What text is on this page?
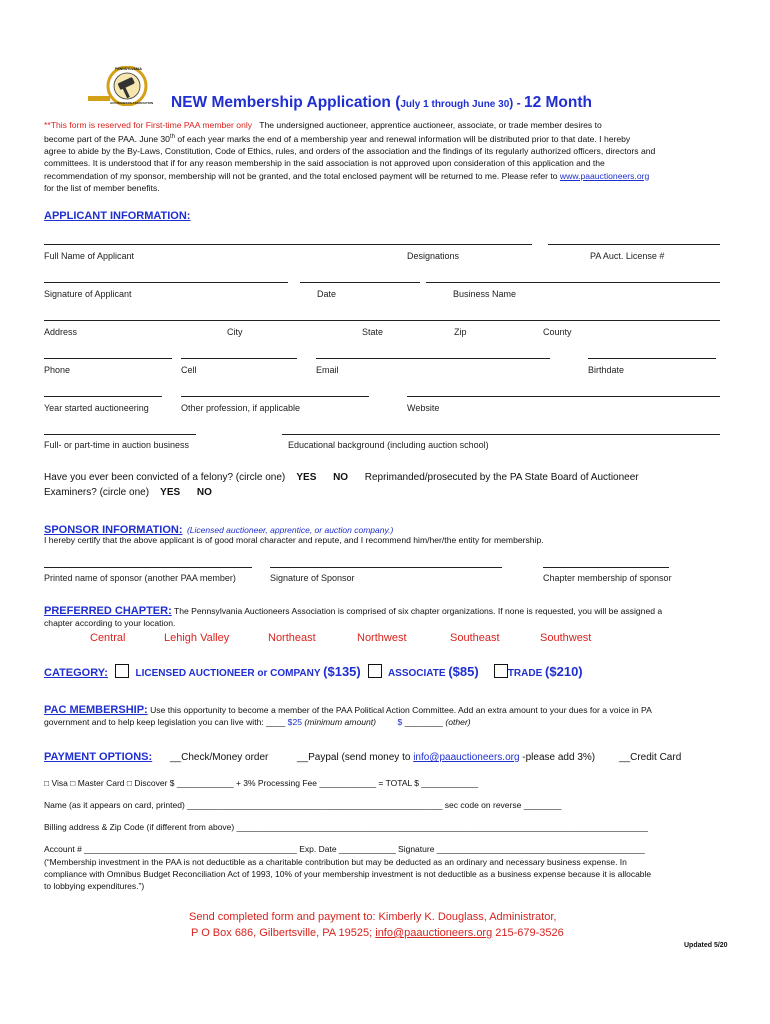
PENNSYLVANIA
AUCTIONEERS ASSOCIATION NEW Membership Application (July 1 through June 30) - 12 Month
**This form is reserved for First-time PAA member only The undersigned auctioneer, apprentice auctioneer, associate, or trade member desires to
become part of the PAA. June 30th of each year marks the end of a membership year and renewal information will be distributed prior to that date. I hereby
agree to abide by the By-Laws, Constitution, Code of Ethics, rules, and orders of the association and the findings of its regularly authorized officers, directors and
committees. It is understood that if for any reason membership in the said association is not approved upon consideration of this application and the
recommendation of my sponsor, membership will not be granted, and the total enclosed payment will be returned to me. Please refer to www.paauctioneers.org
for the list of member benefits.
APPLICANT INFORMATION:
Full Name of Applicant	Designations	PA Auct. License #
Signature of Applicant	Date	Business Name
Address	City	State	Zip	County
Phone	Cell	Email	Birthdate
Year started auctioneering	Other profession, if applicable	Website
Full- or part-time in auction business	Educational background (including auction school)
Have you ever been convicted of a felony? (circle one) YES NO Reprimanded/prosecuted by the PA State Board of Auctioneer
Examiners? (circle one) YES NO
SPONSOR INFORMATION: (Licensed auctioneer, apprentice, or auction company.)
I hereby certify that the above applicant is of good moral character and repute, and I recommend him/her/the entity for membership.
Printed name of sponsor (another PAA member)	Signature of Sponsor	Chapter membership of sponsor
PREFERRED CHAPTER: The Pennsylvania Auctioneers Association is comprised of six chapter organizations. If none is requested, you will be assigned a
chapter according to your location.
Central	Lehigh Valley	Northeast	Northwest	Southeast	Southwest
CATEGORY:	LICENSED AUCTIONEER or COMPANY ($135)	ASSOCIATE ($85)	TRADE ($210)
PAC MEMBERSHIP: Use this opportunity to become a member of the PAA Political Action Committee. Add an extra amount to your dues for a voice in PA
government and to help keep legislation you can live with: ____ $25 (minimum amount)	$ ________ (other)
PAYMENT OPTIONS: __Check/Money order	__Paypal (send money to info@paauctioneers.org -please add 3%) __Credit Card
□ Visa □ Master Card □ Discover $ ____________ + 3% Processing Fee ____________ = TOTAL $ ____________
Name (as it appears on card, printed) ______________________________________________________ sec code on reverse ________
Billing address & Zip Code (if different from above) _______________________________________________________________________________________
Account # _____________________________________________ Exp. Date ____________ Signature ____________________________________________
(“Membership investment in the PAA is not deductible as a charitable contribution but may be deducted as an ordinary and necessary business expense. In
compliance with Omnibus Budget Reconciliation Act of 1993, 10% of your membership investment is not deductible as a business expense because it is allocable
to lobbying expenditures.”)
Send completed form and payment to: Kimberly K. Douglass, Administrator,
P O Box 686, Gilbertsville, PA 19525; info@paauctioneers.org 215-679-3526
Updated 5/20
